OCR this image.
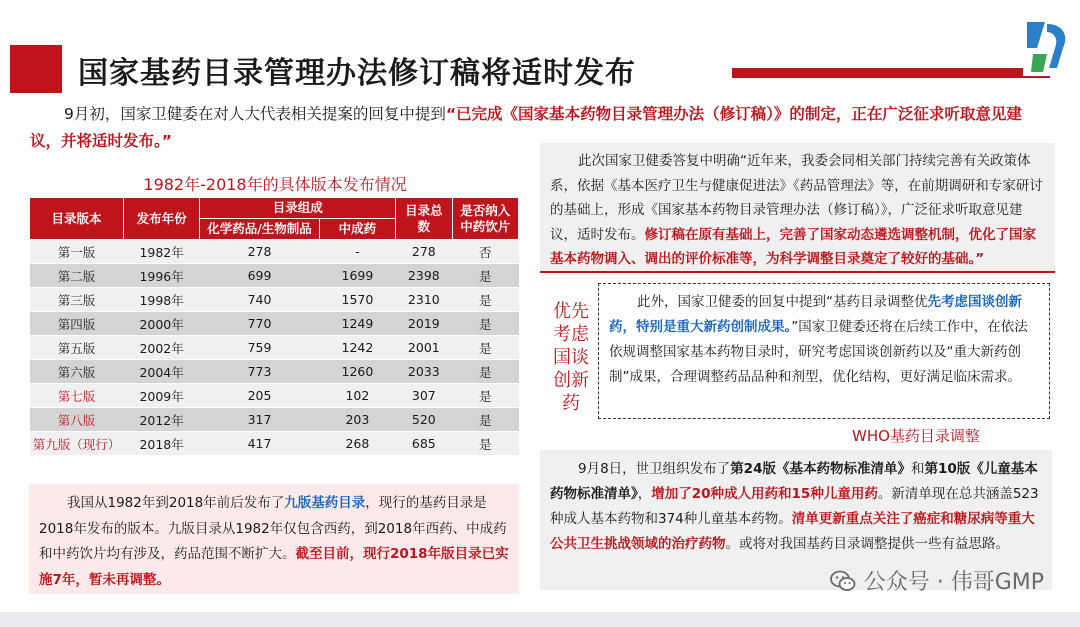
国家基药目录管理办法修订稿将适时发布
9月初，国家卫健委在对人大代表相关提案的回复中提到“已完成《国家基本药物目录管理办法（修订稿）》的制定，正在广泛征求听取意见建议，并将适时发布。”
1982年-2018年的具体版本发布情况
目录版本	发布年份	目录组成		目录总数	是否纳入中药饮片
		化学药品/生物制品	中成药		
第一版	1982年	278	-	278	否
第二版	1996年	699	1699	2398	是
第三版	1998年	740	1570	2310	是
第四版	2000年	770	1249	2019	是
第五版	2002年	759	1242	2001	是
第六版	2004年	773	1260	2033	是
第七版	2009年	205	102	307	是
第八版	2012年	317	203	520	是
第九版（现行）	2018年	417	268	685	是
我国从1982年到2018年前后发布了九版基药目录，现行的基药目录是2018年发布的版本。九版目录从1982年仅包含西药，到2018年西药、中成药和中药饮片均有涉及，药品范围不断扩大。截至目前，现行2018年版目录已实施7年，暂未再调整。
此次国家卫健委答复中明确“近年来，我委会同相关部门持续完善有关政策体系，依据《基本医疗卫生与健康促进法》《药品管理法》等，在前期调研和专家研讨的基础上，形成《国家基本药物目录管理办法（修订稿）》，广泛征求听取意见建议，适时发布。修订稿在原有基础上，完善了国家动态遴选调整机制，优化了国家基本药物调入、调出的评价标准等，为科学调整目录奠定了较好的基础。”
优先
考虑
国谈
创新
药
此外，国家卫健委的回复中提到“基药目录调整优先考虑国谈创新药，特别是重大新药创制成果。”国家卫健委还将在后续工作中，在依法依规调整国家基本药物目录时，研究考虑国谈创新药以及“重大新药创制”成果，合理调整药品品种和剂型，优化结构，更好满足临床需求。
WHO基药目录调整
9月8日，世卫组织发布了第24版《基本药物标准清单》和第10版《儿童基本药物标准清单》，增加了20种成人用药和15种儿童用药。新清单现在总共涵盖523种成人基本药物和374种儿童基本药物。清单更新重点关注了癌症和糖尿病等重大公共卫生挑战领域的治疗药物。或将对我国基药目录调整提供一些有益思路。
公众号 · 伟哥GMP
